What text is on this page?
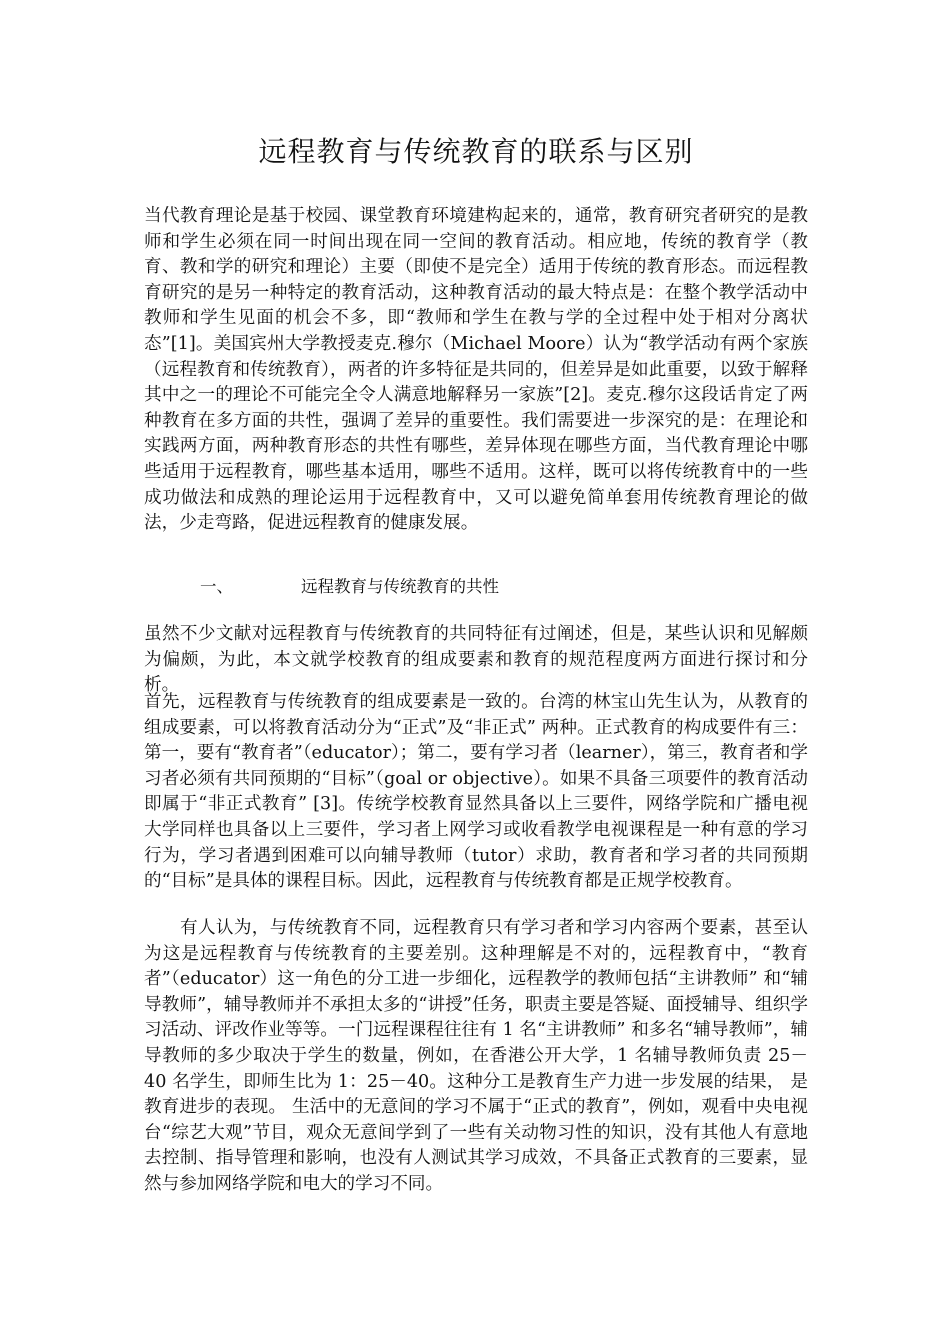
远程教育与传统教育的联系与区别

当代教育理论是基于校园、课堂教育环境建构起来的，通常，教育研究者研究的是教师和学生必须在同一时间出现在同一空间的教育活动。相应地，传统的教育学（教育、教和学的研究和理论）主要（即使不是完全）适用于传统的教育形态。而远程教育研究的是另一种特定的教育活动，这种教育活动的最大特点是：在整个教学活动中教师和学生见面的机会不多，即“教师和学生在教与学的全过程中处于相对分离状态”[1]。美国宾州大学教授麦克.穆尔（Michael Moore）认为“教学活动有两个家族（远程教育和传统教育），两者的许多特征是共同的，但差异是如此重要，以致于解释其中之一的理论不可能完全令人满意地解释另一家族”[2]。麦克.穆尔这段话肯定了两种教育在多方面的共性，强调了差异的重要性。我们需要进一步深究的是：在理论和实践两方面，两种教育形态的共性有哪些，差异体现在哪些方面，当代教育理论中哪些适用于远程教育，哪些基本适用，哪些不适用。这样，既可以将传统教育中的一些成功做法和成熟的理论运用于远程教育中，又可以避免简单套用传统教育理论的做法，少走弯路，促进远程教育的健康发展。

一、	远程教育与传统教育的共性

虽然不少文献对远程教育与传统教育的共同特征有过阐述，但是，某些认识和见解颇为偏颇，为此，本文就学校教育的组成要素和教育的规范程度两方面进行探讨和分析。

首先，远程教育与传统教育的组成要素是一致的。台湾的林宝山先生认为，从教育的组成要素，可以将教育活动分为“正式”及“非正式” 两种。正式教育的构成要件有三：第一，要有“教育者”（educator）；第二，要有学习者（learner），第三，教育者和学习者必须有共同预期的“目标”（goal or objective）。如果不具备三项要件的教育活动即属于“非正式教育” [3]。传统学校教育显然具备以上三要件，网络学院和广播电视大学同样也具备以上三要件，学习者上网学习或收看教学电视课程是一种有意的学习行为，学习者遇到困难可以向辅导教师（tutor）求助，教育者和学习者的共同预期的“目标”是具体的课程目标。因此，远程教育与传统教育都是正规学校教育。

有人认为，与传统教育不同，远程教育只有学习者和学习内容两个要素，甚至认为这是远程教育与传统教育的主要差别。这种理解是不对的，远程教育中，“教育者”（educator）这一角色的分工进一步细化，远程教学的教师包括“主讲教师” 和“辅导教师”，辅导教师并不承担太多的“讲授”任务，职责主要是答疑、面授辅导、组织学习活动、评改作业等等。一门远程课程往往有 1 名“主讲教师” 和多名“辅导教师”，辅导教师的多少取决于学生的数量，例如，在香港公开大学，1 名辅导教师负责 25－40 名学生，即师生比为 1：25－40。这种分工是教育生产力进一步发展的结果， 是教育进步的表现。 生活中的无意间的学习不属于“正式的教育”，例如，观看中央电视台“综艺大观”节目，观众无意间学到了一些有关动物习性的知识，没有其他人有意地去控制、指导管理和影响，也没有人测试其学习成效，不具备正式教育的三要素，显然与参加网络学院和电大的学习不同。
